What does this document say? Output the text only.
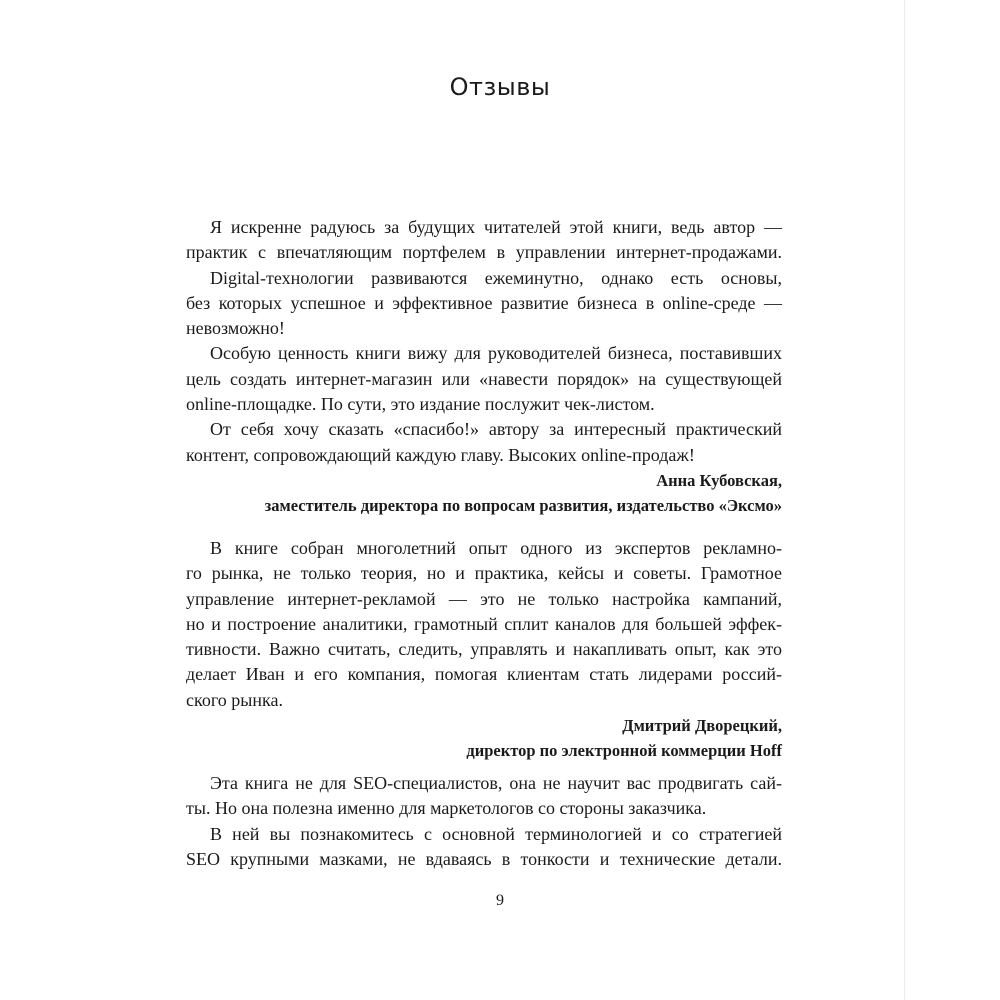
Отзывы
Я искренне радуюсь за будущих читателей этой книги, ведь автор —
практик с впечатляющим портфелем в управлении интернет-продажами.
Digital-технологии развиваются ежеминутно, однако есть основы,
без которых успешное и эффективное развитие бизнеса в online-среде —
невозможно!
Особую ценность книги вижу для руководителей бизнеса, поставивших
цель создать интернет-магазин или «навести порядок» на существующей
online-площадке. По сути, это издание послужит чек-листом.
От себя хочу сказать «спасибо!» автору за интересный практический
контент, сопровождающий каждую главу. Высоких online-продаж!
Анна Кубовская,
заместитель директора по вопросам развития, издательство «Эксмо»
В книге собран многолетний опыт одного из экспертов рекламно-
го рынка, не только теория, но и практика, кейсы и советы. Грамотное
управление интернет-рекламой — это не только настройка кампаний,
но и построение аналитики, грамотный сплит каналов для большей эффек-
тивности. Важно считать, следить, управлять и накапливать опыт, как это
делает Иван и его компания, помогая клиентам стать лидерами россий-
ского рынка.
Дмитрий Дворецкий,
директор по электронной коммерции Hoff
Эта книга не для SEO-специалистов, она не научит вас продвигать сай-
ты. Но она полезна именно для маркетологов со стороны заказчика.
В ней вы познакомитесь с основной терминологией и со стратегией
SEO крупными мазками, не вдаваясь в тонкости и технические детали.
9
